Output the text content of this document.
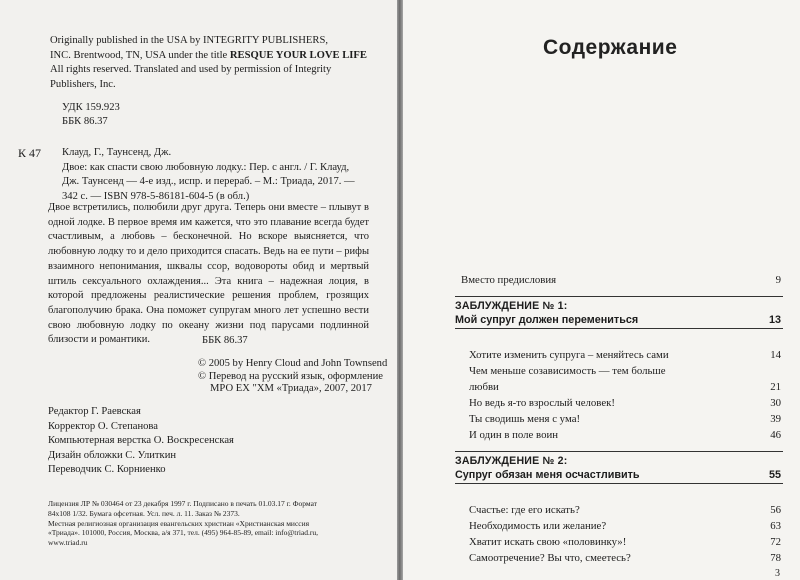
Originally published in the USA by INTEGRITY PUBLISHERS,
INC. Brentwood, TN, USA under the title RESQUE YOUR LOVE LIFE
All rights reserved. Translated and used by permission of Integrity
Publishers, Inc.
УДК 159.923
ББК 86.37
К 47 Клауд, Г., Таунсенд, Дж.
Двое: как спасти свою любовную лодку.: Пер. с англ. / Г. Клауд,
Дж. Таунсенд — 4-е изд., испр. и перераб. – М.: Триада, 2017. —
342 с. — ISBN 978-5-86181-604-5 (в обл.)
Двое встретились, полюбили друг друга. Теперь они вместе – плывут в одной лодке. В первое время им кажется, что это плавание всегда будет счастливым, а любовь – бесконечной. Но вскоре выясняется, что любовную лодку то и дело приходится спасать. Ведь на ее пути – рифы взаимного непонимания, шквалы ссор, водовороты обид и мертвый штиль сексуального охлаждения... Эта книга – надежная лоция, в которой предложены реалистические решения проблем, грозящих благополучию брака. Она поможет супругам много лет успешно вести свою любовную лодку по океану жизни под парусами подлинной близости и романтики.	ББК 86.37
© 2005 by Henry Cloud and John Townsend
© Перевод на русский язык, оформление
МРО ЕХ "ХМ «Триада», 2007, 2017
Редактор Г. Раевская
Корректор О. Степанова
Компьютерная верстка О. Воскресенская
Дизайн обложки С. Улиткин
Переводчик С. Корниенко
Лицензия ЛР № 030464 от 23 декабря 1997 г. Подписано в печать 01.03.17 г. Формат
84х108 1/32. Бумага офсетная. Усл. печ. л. 11. Заказ № 2373.
Местная религиозная организация евангельских христиан «Христианская миссия
«Триада». 101000, Россия, Москва, а/я 371, тел. (495) 964-85-89, email: info@triad.ru,
www.triad.ru
Содержание
Вместо предисловия	9
ЗАБЛУЖДЕНИЕ № 1:
Мой супруг должен перемениться	13
Хотите изменить супруга – меняйтесь сами	14
Чем меньше созависимость — тем больше
любви	21
Но ведь я-то взрослый человек!	30
Ты сводишь меня с ума!	39
И один в поле воин	46
ЗАБЛУЖДЕНИЕ № 2:
Супруг обязан меня осчастливить	55
Счастье: где его искать?	56
Необходимость или желание?	63
Хватит искать свою «половинку»!	72
Самоотречение? Вы что, смеетесь?	78
3
